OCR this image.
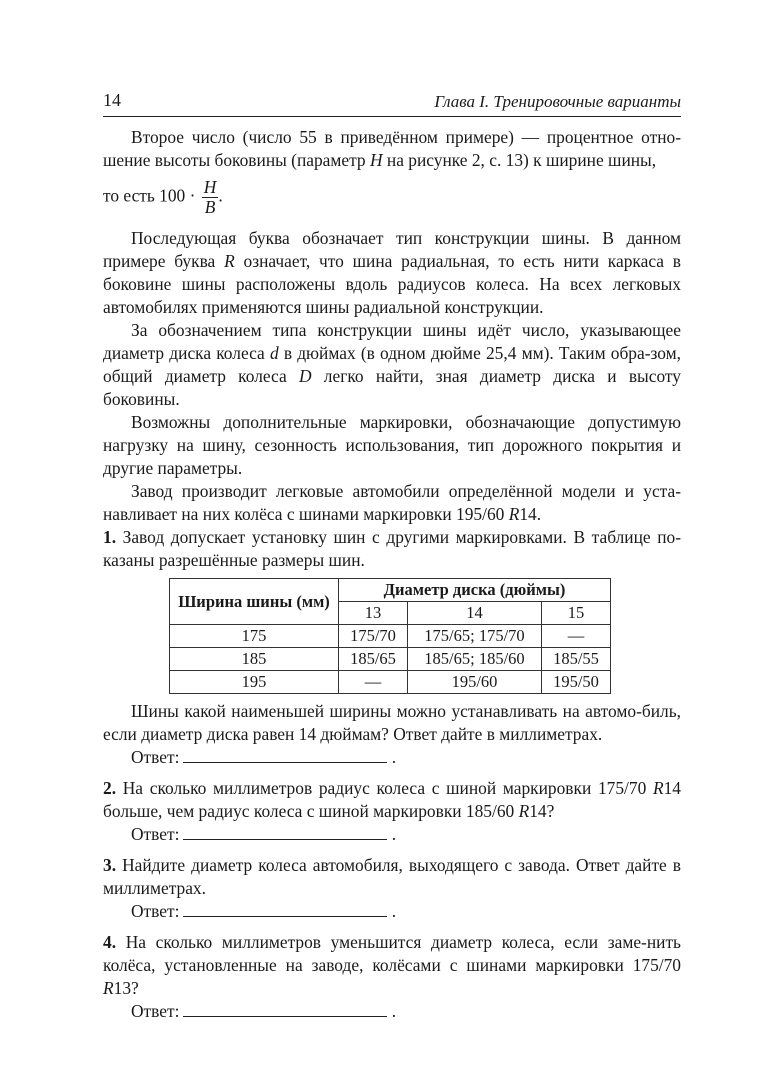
14	Глава I. Тренировочные варианты

Второе число (число 55 в приведённом примере) — процентное отно- шение высоты боковины (параметр H на рисунке 2, с. 13) к ширине шины,

то есть $100 \cdot \frac{H}{B}$ .

Последующая буква обозначает тип конструкции шины. В данном примере буква R означает, что шина радиальная, то есть нити каркаса в боковине шины расположены вдоль радиусов колеса. На всех легковых автомобилях применяются шины радиальной конструкции.

За обозначением типа конструкции шины идёт число, указывающее диаметр диска колеса d в дюймах (в одном дюйме 25,4 мм). Таким обра-зом, общий диаметр колеса D легко найти, зная диаметр диска и высоту боковины.

Возможны дополнительные маркировки, обозначающие допустимую нагрузку на шину, сезонность использования, тип дорожного покрытия и другие параметры.

Завод производит легковые автомобили определённой модели и уста-навливает на них колёса с шинами маркировки 195/60 R14.

1. Завод допускает установку шин с другими маркировками. В таблице по-казаны разрешённые размеры шин.

Ширина шины (мм)	Диаметр диска (дюймы)		
	13	14	15
175	175/70	175/65; 175/70	—
185	185/65	185/65; 185/60	185/55
195	—	195/60	195/50

Шины какой наименьшей ширины можно устанавливать на автомо-биль, если диаметр диска равен 14 дюймам? Ответ дайте в миллиметрах.

Ответ:	.

2. На сколько миллиметров радиус колеса с шиной маркировки 175/70 R14 больше, чем радиус колеса с шиной маркировки 185/60 R14?

Ответ:	.

3. Найдите диаметр колеса автомобиля, выходящего с завода. Ответ дайте в миллиметрах.

Ответ:	.

4. На сколько миллиметров уменьшится диаметр колеса, если заме-нить колёса, установленные на заводе, колёсами с шинами маркировки 175/70 R13?

Ответ:	.
